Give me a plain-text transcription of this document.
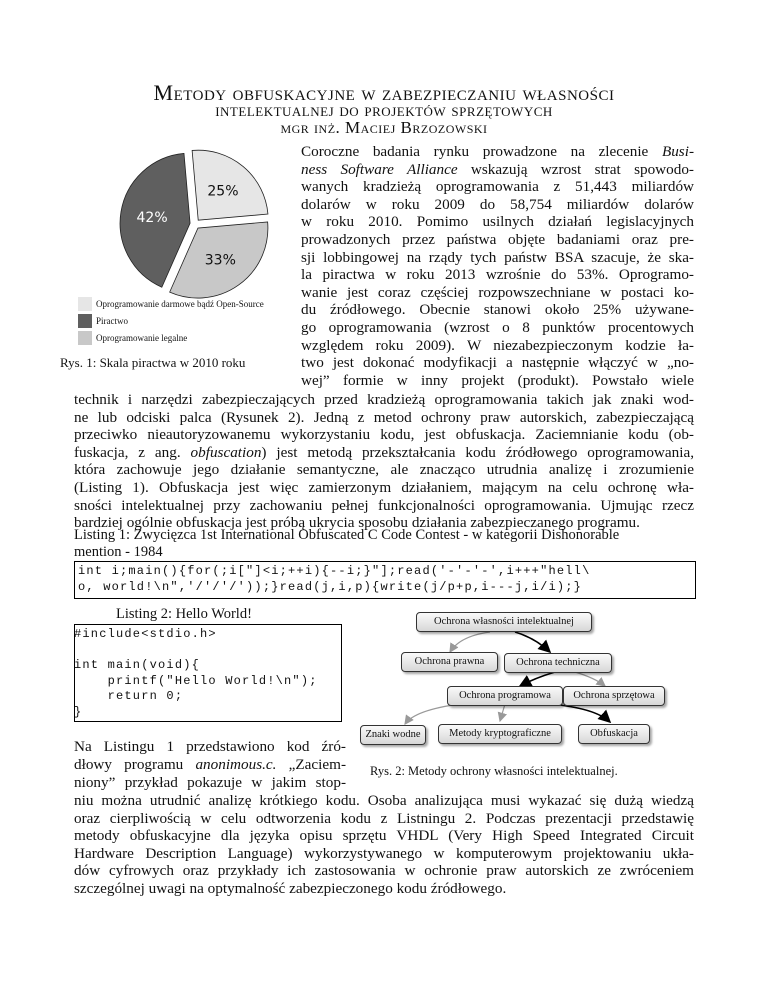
Metody obfuskacyjne w zabezpieczaniu własności
intelektualnej do projektów sprzętowych
mgr inż. Maciej Brzozowski
25%
33%
42%
Oprogramowanie darmowe bądź Open-Source
Piractwo
Oprogramowanie legalne
Rys. 1: Skala piractwa w 2010 roku
Coroczne badania rynku prowadzone na zlecenie Busi-
ness Software Alliance wskazują wzrost strat spowodo-
wanych kradzieżą oprogramowania z 51,443 miliardów
dolarów w roku 2009 do 58,754 miliardów dolarów
w roku 2010. Pomimo usilnych działań legislacyjnych
prowadzonych przez państwa objęte badaniami oraz pre-
sji lobbingowej na rządy tych państw BSA szacuje, że ska-
la piractwa w roku 2013 wzrośnie do 53%. Oprogramo-
wanie jest coraz częściej rozpowszechniane w postaci ko-
du źródłowego. Obecnie stanowi około 25% używane-
go oprogramowania (wzrost o 8 punktów procentowych
względem roku 2009). W niezabezpieczonym kodzie ła-
two jest dokonać modyfikacji a następnie włączyć w „no-
wej” formie w inny projekt (produkt). Powstało wiele
technik i narzędzi zabezpieczających przed kradzieżą oprogramowania takich jak znaki wod-
ne lub odciski palca (Rysunek 2). Jedną z metod ochrony praw autorskich, zabezpieczającą
przeciwko nieautoryzowanemu wykorzystaniu kodu, jest obfuskacja. Zaciemnianie kodu (ob-
fuskacja, z ang. obfuscation) jest metodą przekształcania kodu źródłowego oprogramowania,
która zachowuje jego działanie semantyczne, ale znacząco utrudnia analizę i zrozumienie
(Listing 1). Obfuskacja jest więc zamierzonym działaniem, mającym na celu ochronę wła-
sności intelektualnej przy zachowaniu pełnej funkcjonalności oprogramowania. Ujmując rzecz
bardziej ogólnie obfuskacja jest próbą ukrycia sposobu działania zabezpieczanego programu.
Listing 1: Zwycięzca 1st International Obfuscated C Code Contest - w kategorii Dishonorable
mention - 1984
int i;main(){for(;i["]<i;++i){--i;}"];read('-'-'-',i+++"hell\
o, world!\n",'/'/'/'));}read(j,i,p){write(j/p+p,i---j,i/i);}
Listing 2: Hello World!
#include<stdio.h>

int main(void){
printf("Hello World!\n");
return 0;
}
Ochrona własności intelektualnej
Ochrona prawna	Ochrona techniczna
Ochrona programowa	Ochrona sprzętowa
Znaki wodne	Metody kryptograficzne	Obfuskacja
Rys. 2: Metody ochrony własności intelektualnej.
Na Listingu 1 przedstawiono kod źró-
dłowy programu anonimous.c. „Zaciem-
niony” przykład pokazuje w jakim stop-
niu można utrudnić analizę krótkiego kodu. Osoba analizująca musi wykazać się dużą wiedzą
oraz cierpliwością w celu odtworzenia kodu z Listningu 2. Podczas prezentacji przedstawię
metody obfuskacyjne dla języka opisu sprzętu VHDL (Very High Speed Integrated Circuit
Hardware Description Language) wykorzystywanego w komputerowym projektowaniu ukła-
dów cyfrowych oraz przykłady ich zastosowania w ochronie praw autorskich ze zwróceniem
szczególnej uwagi na optymalność zabezpieczonego kodu źródłowego.
